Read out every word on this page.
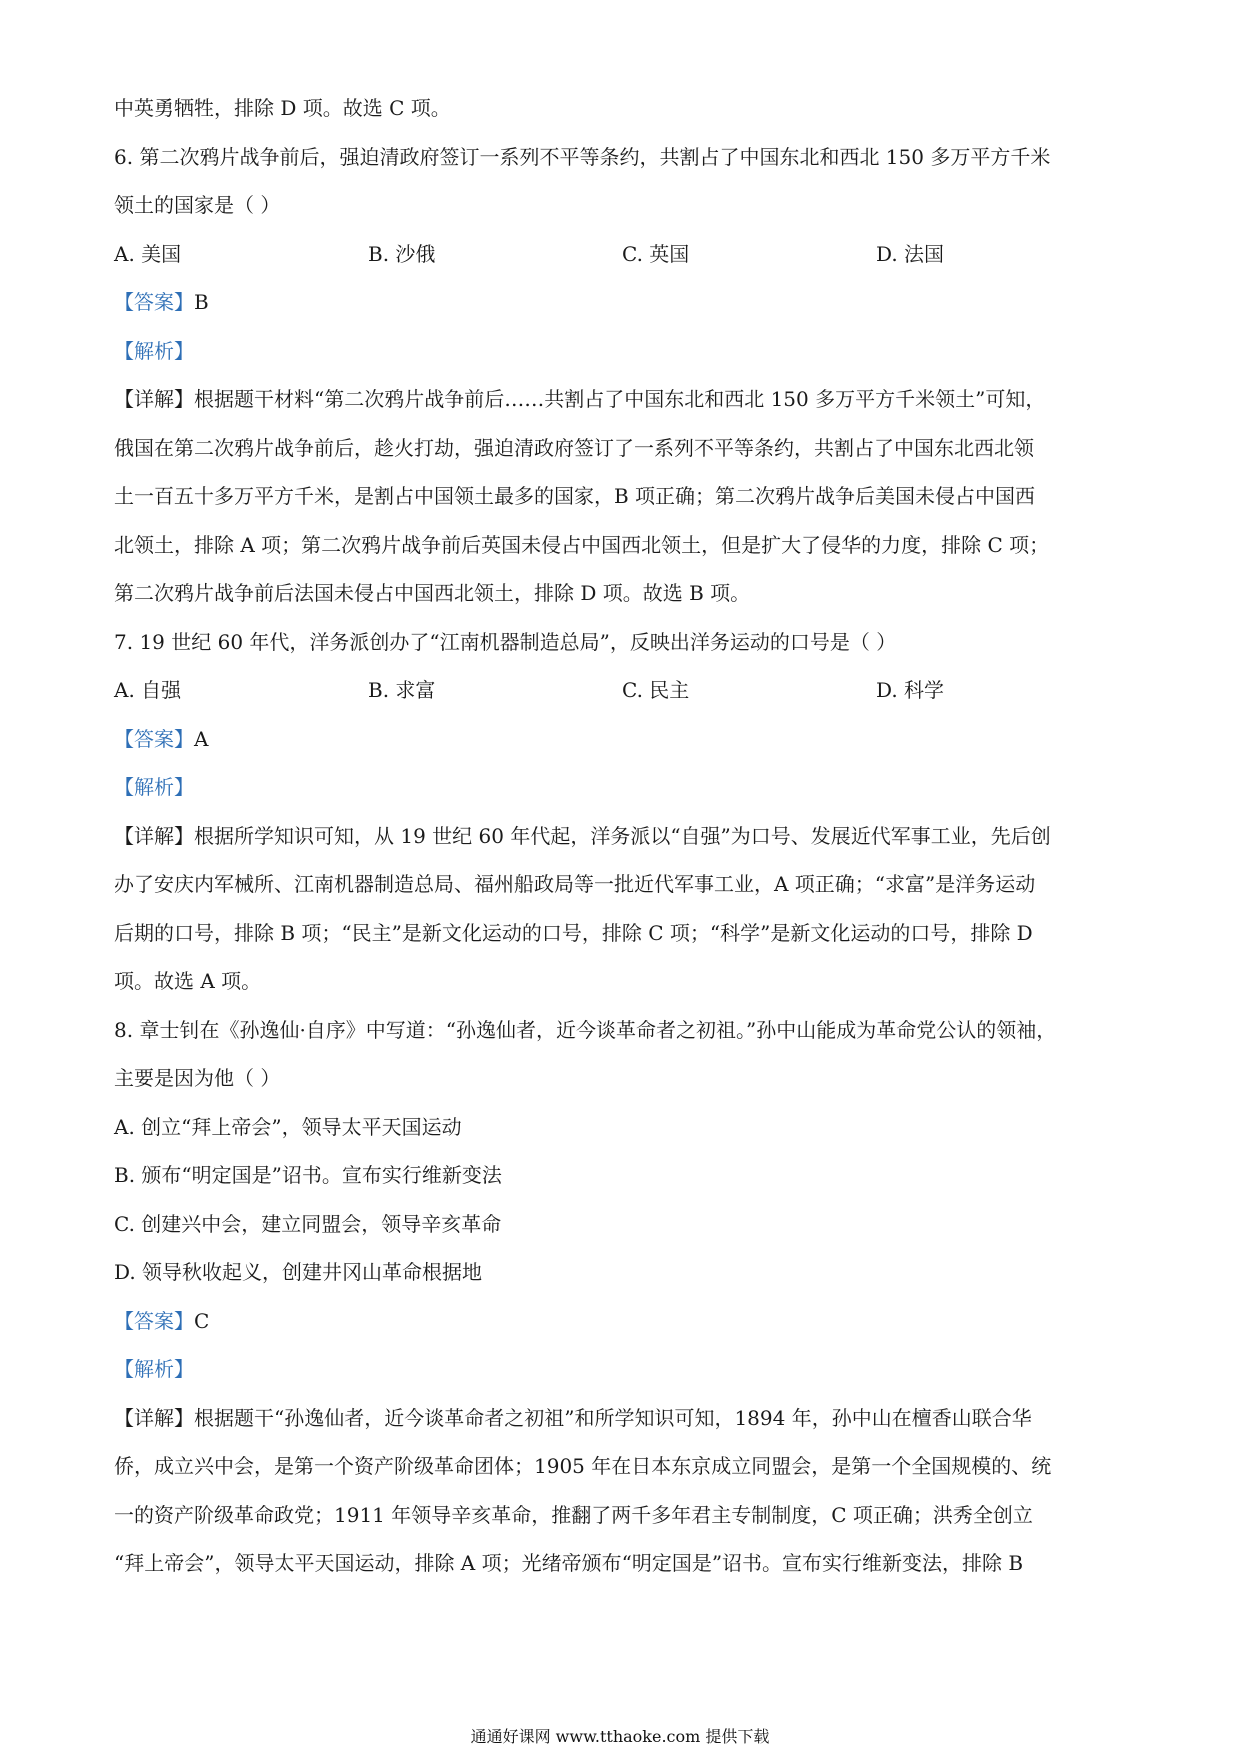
中英勇牺牲，排除 D 项。故选 C 项。
6. 第二次鸦片战争前后，强迫清政府签订一系列不平等条约，共割占了中国东北和西北 150 多万平方千米
领土的国家是（ ）
A. 美国	B. 沙俄	C. 英国	D. 法国
【答案】B
【解析】
【详解】根据题干材料“第二次鸦片战争前后……共割占了中国东北和西北 150 多万平方千米领土”可知，
俄国在第二次鸦片战争前后，趁火打劫，强迫清政府签订了一系列不平等条约，共割占了中国东北西北领
土一百五十多万平方千米，是割占中国领土最多的国家，B 项正确；第二次鸦片战争后美国未侵占中国西
北领土，排除 A 项；第二次鸦片战争前后英国未侵占中国西北领土，但是扩大了侵华的力度，排除 C 项；
第二次鸦片战争前后法国未侵占中国西北领土，排除 D 项。故选 B 项。
7. 19 世纪 60 年代，洋务派创办了“江南机器制造总局”，反映出洋务运动的口号是（ ）
A. 自强	B. 求富	C. 民主	D. 科学
【答案】A
【解析】
【详解】根据所学知识可知，从 19 世纪 60 年代起，洋务派以“自强”为口号、发展近代军事工业，先后创
办了安庆内军械所、江南机器制造总局、福州船政局等一批近代军事工业，A 项正确；“求富”是洋务运动
后期的口号，排除 B 项；“民主”是新文化运动的口号，排除 C 项；“科学”是新文化运动的口号，排除 D
项。故选 A 项。
8. 章士钊在《孙逸仙·自序》中写道：“孙逸仙者，近今谈革命者之初祖。”孙中山能成为革命党公认的领袖，
主要是因为他（ ）
A. 创立“拜上帝会”，领导太平天国运动
B. 颁布“明定国是”诏书。宣布实行维新变法
C. 创建兴中会，建立同盟会，领导辛亥革命
D. 领导秋收起义，创建井冈山革命根据地
【答案】C
【解析】
【详解】根据题干“孙逸仙者，近今谈革命者之初祖”和所学知识可知，1894 年，孙中山在檀香山联合华
侨，成立兴中会，是第一个资产阶级革命团体；1905 年在日本东京成立同盟会，是第一个全国规模的、统
一的资产阶级革命政党；1911 年领导辛亥革命，推翻了两千多年君主专制制度，C 项正确；洪秀全创立
“拜上帝会”，领导太平天国运动，排除 A 项；光绪帝颁布“明定国是”诏书。宣布实行维新变法，排除 B
通通好课网 www.tthaoke.com 提供下载
